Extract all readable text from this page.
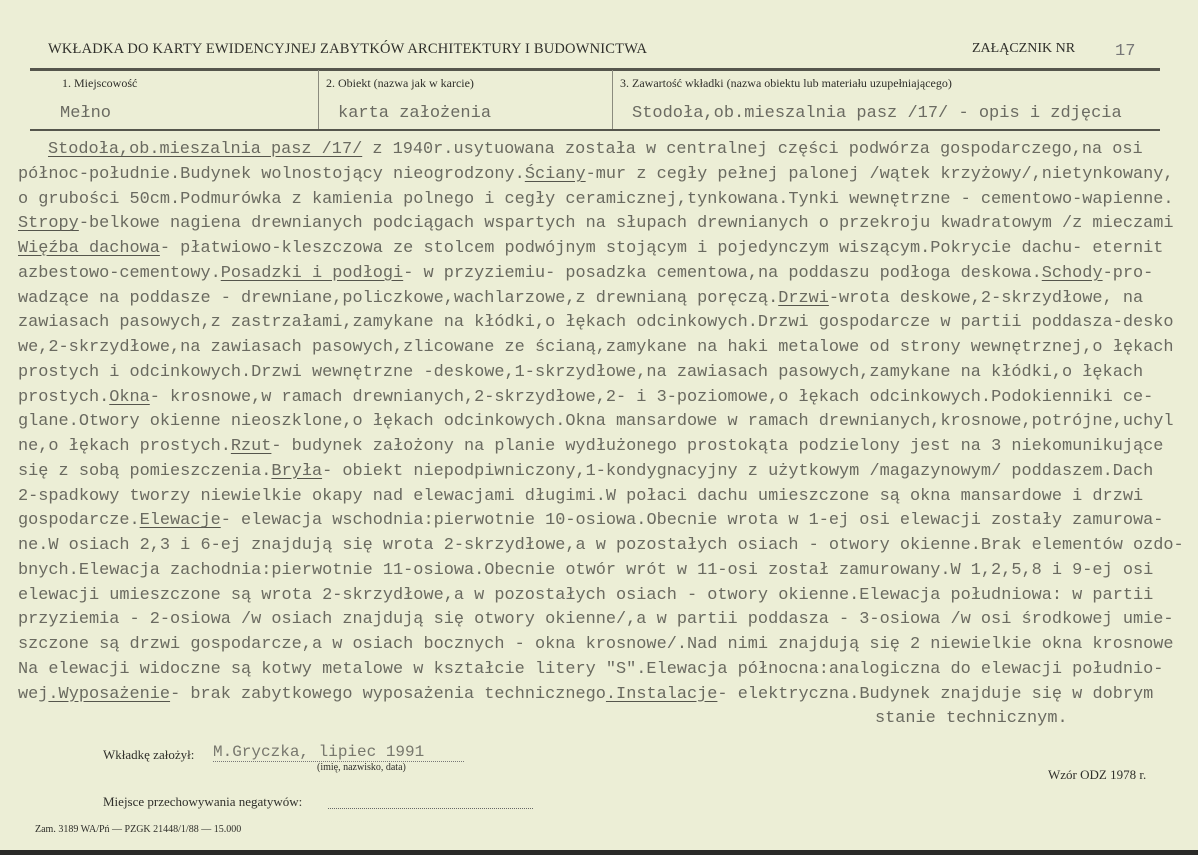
WKŁADKA DO KARTY EWIDENCYJNEJ ZABYTKÓW ARCHITEKTURY I BUDOWNICTWA	ZAŁĄCZNIK NR 17
1. Miejscowość
Mełno
2. Obiekt (nazwa jak w karcie)
karta założenia
3. Zawartość wkładki (nazwa obiektu lub materiału uzupełniającego)
Stodoła,ob.mieszalnia pasz /17/ - opis i zdjęcia
Stodoła,ob.mieszalnia pasz /17/ z 1940r.usytuowana została w centralnej części podwórza gospodarczego,na osi
północ-południe.Budynek wolnostojący nieogrodzony.Ściany-mur z cegły pełnej palonej /wątek krzyżowy/,nietynkowany,
o grubości 50cm.Podmurówka z kamienia polnego i cegły ceramicznej,tynkowana.Tynki wewnętrzne - cementowo-wapienne.
Stropy-belkowe nagiena drewnianych podciągach wspartych na słupach drewnianych o przekroju kwadratowym /z mieczami
Więźba dachowa- płatwiowo-kleszczowa ze stolcem podwójnym stojącym i pojedynczym wiszącym.Pokrycie dachu- eternit
azbestowo-cementowy.Posadzki i podłogi- w przyziemiu- posadzka cementowa,na poddaszu podłoga deskowa.Schody-pro-
wadzące na poddasze - drewniane,policzkowe,wachlarzowe,z drewnianą poręczą.Drzwi-wrota deskowe,2-skrzydłowe, na
zawiasach pasowych,z zastrzałami,zamykane na kłódki,o łękach odcinkowych.Drzwi gospodarcze w partii poddasza-desko
we,2-skrzydłowe,na zawiasach pasowych,zlicowane ze ścianą,zamykane na haki metalowe od strony wewnętrznej,o łękach
prostych i odcinkowych.Drzwi wewnętrzne -deskowe,1-skrzydłowe,na zawiasach pasowych,zamykane na kłódki,o łękach
prostych.Okna- krosnowe,w ramach drewnianych,2-skrzydłowe,2- i 3-poziomowe,o łękach odcinkowych.Podokienniki ce-
glane.Otwory okienne nieoszklone,o łękach odcinkowych.Okna mansardowe w ramach drewnianych,krosnowe,potrójne,uchyl
ne,o łękach prostych.Rzut- budynek założony na planie wydłużonego prostokąta podzielony jest na 3 niekomunikujące
się z sobą pomieszczenia.Bryła- obiekt niepodpiwniczony,1-kondygnacyjny z użytkowym /magazynowym/ poddaszem.Dach
2-spadkowy tworzy niewielkie okapy nad elewacjami długimi.W połaci dachu umieszczone są okna mansardowe i drzwi
gospodarcze.Elewacje- elewacja wschodnia:pierwotnie 10-osiowa.Obecnie wrota w 1-ej osi elewacji zostały zamurowa-
ne.W osiach 2,3 i 6-ej znajdują się wrota 2-skrzydłowe,a w pozostałych osiach - otwory okienne.Brak elementów ozdo-
bnych.Elewacja zachodnia:pierwotnie 11-osiowa.Obecnie otwór wrót w 11-osi został zamurowany.W 1,2,5,8 i 9-ej osi
elewacji umieszczone są wrota 2-skrzydłowe,a w pozostałych osiach - otwory okienne.Elewacja południowa: w partii
przyziemia - 2-osiowa /w osiach znajdują się otwory okienne/,a w partii poddasza - 3-osiowa /w osi środkowej umie-
szczone są drzwi gospodarcze,a w osiach bocznych - okna krosnowe/.Nad nimi znajdują się 2 niewielkie okna krosnowe
Na elewacji widoczne są kotwy metalowe w kształcie litery "S".Elewacja północna:analogiczna do elewacji południo-
wej.Wyposażenie- brak zabytkowego wyposażenia technicznego.Instalacje- elektryczna.Budynek znajduje się w dobrym
stanie technicznym.
Wkładkę założył: M.Gryczka, lipiec 1991
(imię, nazwisko, data)	Wzór ODZ 1978 r.
Miejsce przechowywania negatywów:
Zam. 3189 WA/Pń — PZGK 21448/1/88 — 15.000
